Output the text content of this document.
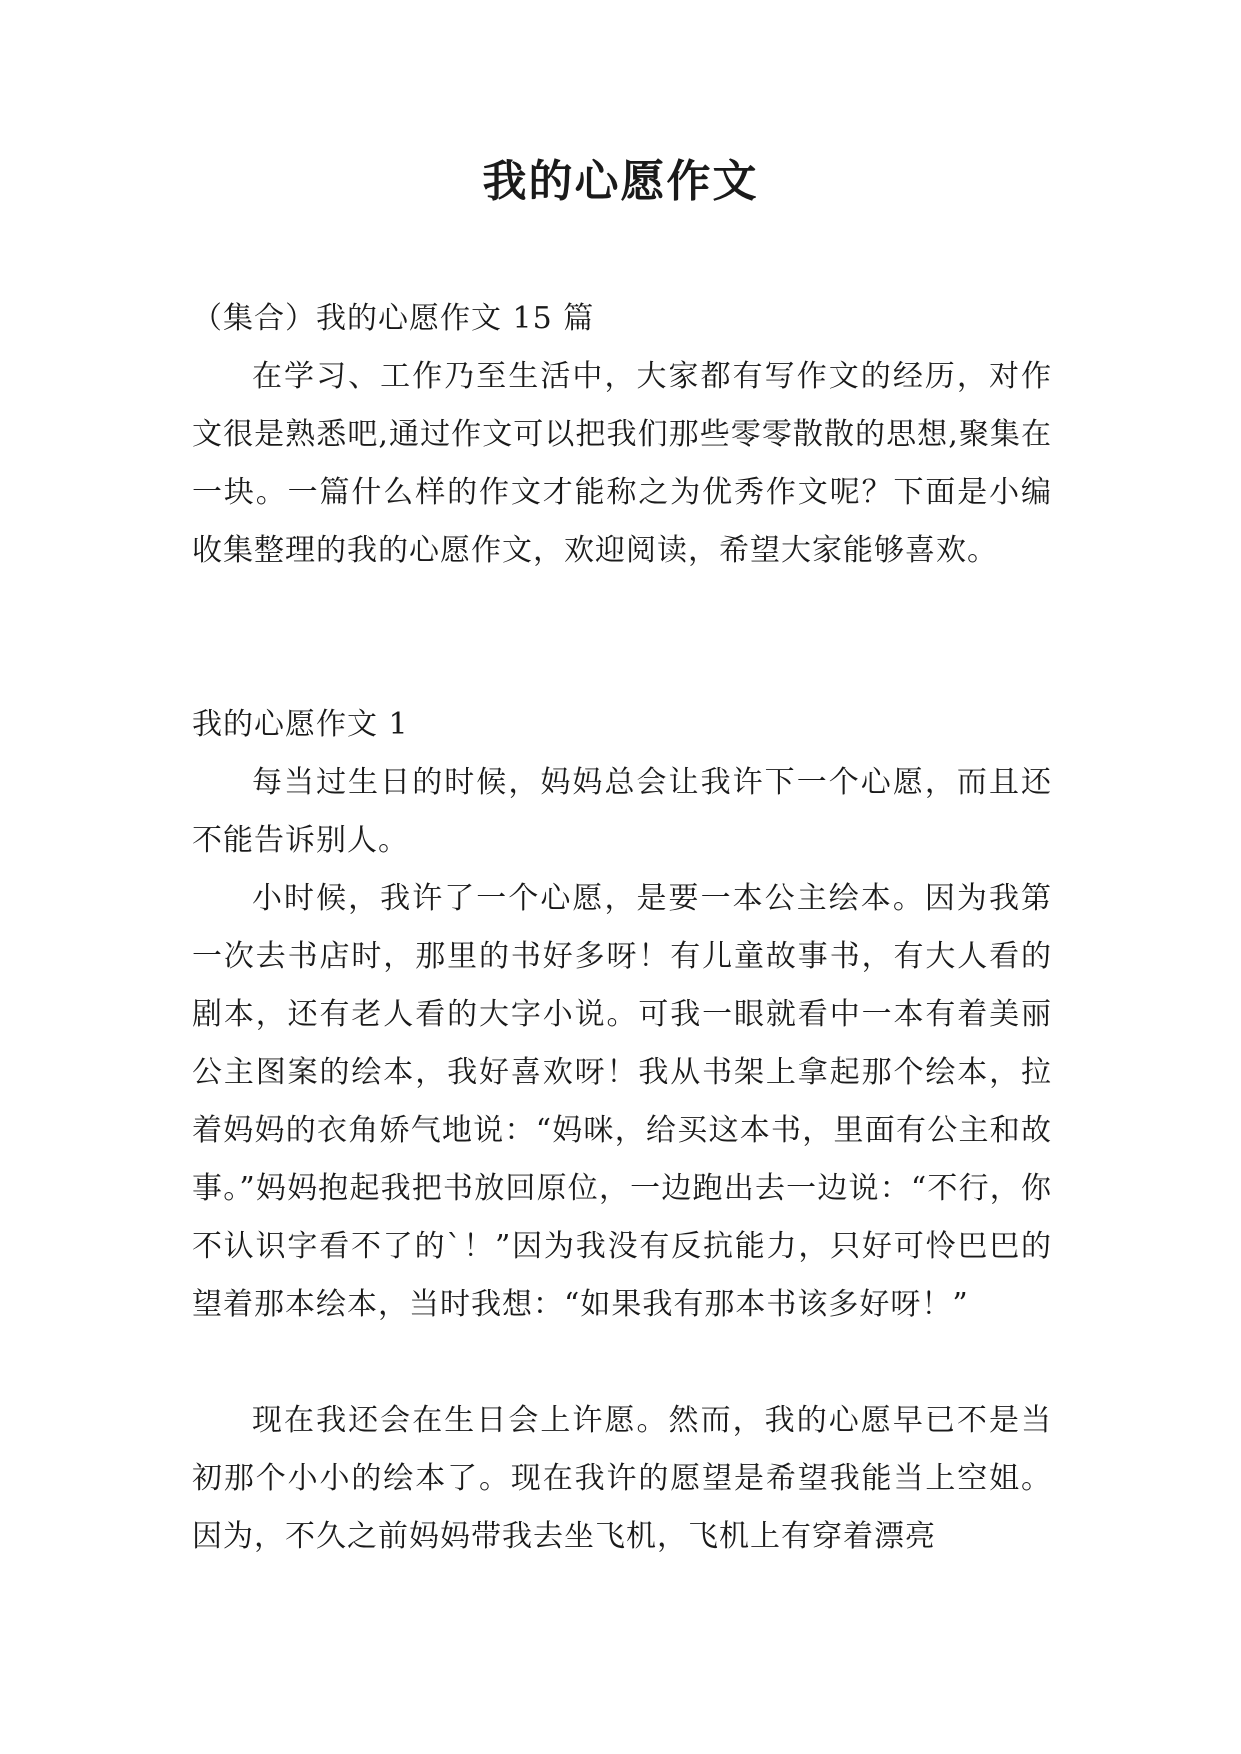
我的心愿作文

（集合）我的心愿作文 15 篇

在学习、工作乃至生活中，大家都有写作文的经历，对作文很是熟悉吧,通过作文可以把我们那些零零散散的思想,聚集在一块。一篇什么样的作文才能称之为优秀作文呢？下面是小编收集整理的我的心愿作文，欢迎阅读，希望大家能够喜欢。

我的心愿作文 1

每当过生日的时候，妈妈总会让我许下一个心愿，而且还不能告诉别人。

小时候，我许了一个心愿，是要一本公主绘本。因为我第一次去书店时，那里的书好多呀！有儿童故事书，有大人看的剧本，还有老人看的大字小说。可我一眼就看中一本有着美丽公主图案的绘本，我好喜欢呀！我从书架上拿起那个绘本，拉着妈妈的衣角娇气地说：“妈咪，给买这本书，里面有公主和故事。”妈妈抱起我把书放回原位，一边跑出去一边说：“不行，你不认识字看不了的`！”因为我没有反抗能力，只好可怜巴巴的望着那本绘本，当时我想：“如果我有那本书该多好呀！”

现在我还会在生日会上许愿。然而，我的心愿早已不是当初那个小小的绘本了。现在我许的愿望是希望我能当上空姐。因为，不久之前妈妈带我去坐飞机，飞机上有穿着漂亮
